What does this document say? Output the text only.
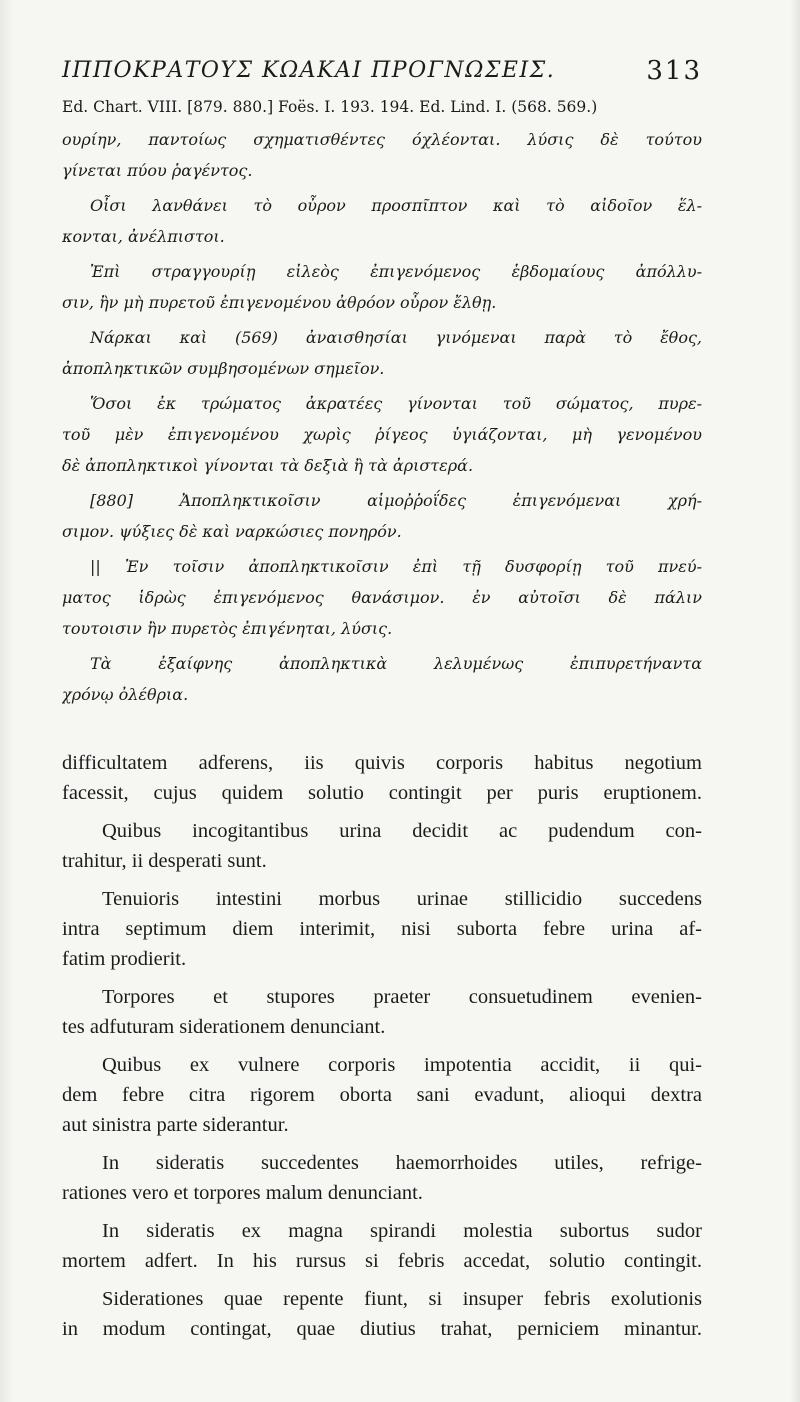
ΙΠΠΟΚΡΑΤΟΥΣ ΚΩΑΚΑΙ ΠΡΟΓΝΩΣΕΙΣ.	313
Ed. Chart. VIII. [879. 880.] Foës. I. 193. 194. Ed. Lind. I. (568. 569.)
ουρίην, παντοίως σχηματισθέντες όχλέονται. λύσις δὲ τούτου
γίνεται πύου ῥαγέντος.
Οἶσι λανθάνει τὸ οὖρον προσπῖπτον καὶ τὸ αἰδοῖον ἕλ-
κονται, ἀνέλπιστοι.
Ἐπὶ στραγγουρίῃ εἰλεὸς ἐπιγενόμενος ἑβδομαίους ἀπόλλυ-
σιν, ἢν μὴ πυρετοῦ ἐπιγενομένου ἀθρόον οὖρον ἔλθῃ.
Νάρκαι καὶ (569) ἀναισθησίαι γινόμεναι παρὰ τὸ ἔθος,
ἀποπληκτικῶν συμβησομένων σημεῖον.
Ὅσοι ἐκ τρώματος ἀκρατέες γίνονται τοῦ σώματος, πυρε-
τοῦ μὲν ἐπιγενομένου χωρὶς ῥίγεος ὑγιάζονται, μὴ γενομένου
δὲ ἀποπληκτικοὶ γίνονται τὰ δεξιὰ ἢ τὰ ἀριστερά.
[880] Ἀποπληκτικοῖσιν αἱμοῤῥοΐδες ἐπιγενόμεναι χρή-
σιμον. ψύξιες δὲ καὶ ναρκώσιες πονηρόν.
|| Ἐν τοῖσιν ἀποπληκτικοῖσιν ἐπὶ τῇ δυσφορίῃ τοῦ πνεύ-
ματος ἱδρὼς ἐπιγενόμενος θανάσιμον. ἐν αὐτοῖσι δὲ πάλιν
τουτοισιν ἢν πυρετὸς ἐπιγένηται, λύσις.
Τὰ ἐξαίφνης ἀποπληκτικὰ λελυμένως ἐπιπυρετήναντα
χρόνῳ ὀλέθρια.
difficultatem adferens, iis quivis corporis habitus negotium
facessit, cujus quidem solutio contingit per puris eruptionem.
Quibus incogitantibus urina decidit ac pudendum con-
trahitur, ii desperati sunt.
Tenuioris intestini morbus urinae stillicidio succedens
intra septimum diem interimit, nisi suborta febre urina af-
fatim prodierit.
Torpores et stupores praeter consuetudinem evenien-
tes adfuturam siderationem denunciant.
Quibus ex vulnere corporis impotentia accidit, ii qui-
dem febre citra rigorem oborta sani evadunt, alioqui dextra
aut sinistra parte siderantur.
In sideratis succedentes haemorrhoides utiles, refrige-
rationes vero et torpores malum denunciant.
In sideratis ex magna spirandi molestia subortus sudor
mortem adfert. In his rursus si febris accedat, solutio contingit.
Siderationes quae repente fiunt, si insuper febris exolutionis
in modum contingat, quae diutius trahat, perniciem minantur.
